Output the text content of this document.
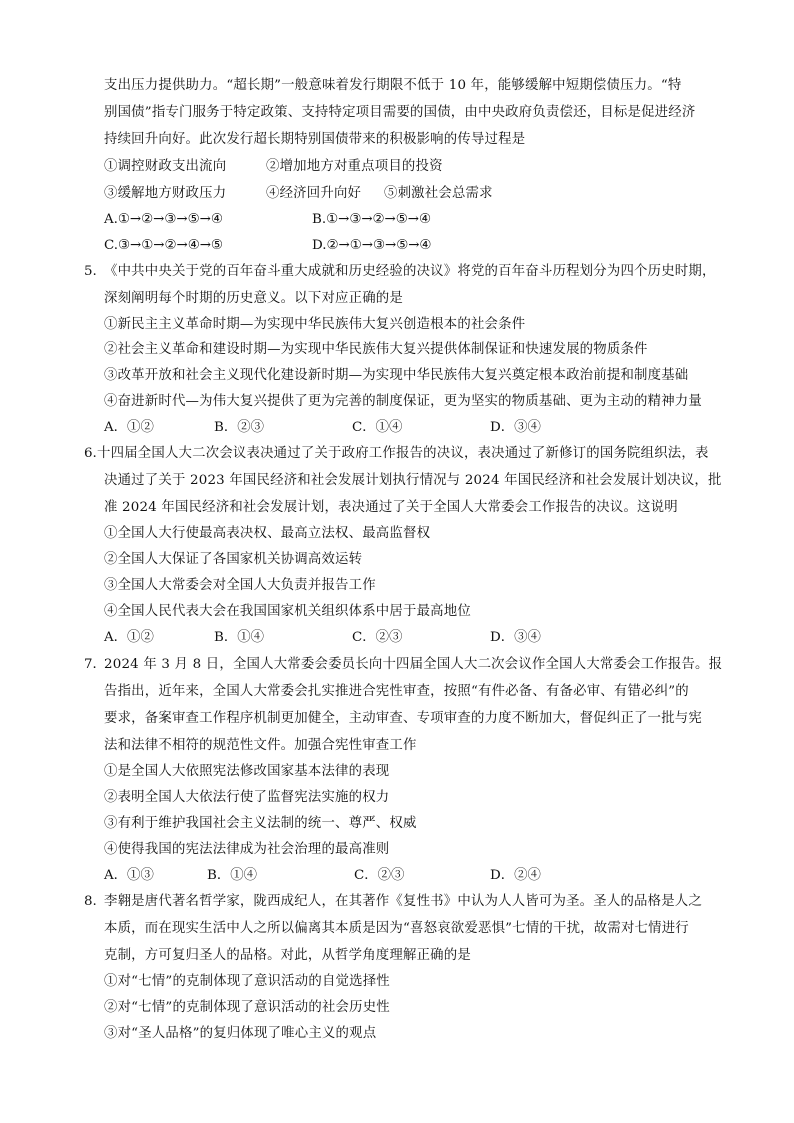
支出压力提供助力。“超长期”一般意味着发行期限不低于 10 年，能够缓解中短期偿债压力。“特
别国债”指专门服务于特定政策、支持特定项目需要的国债，由中央政府负责偿还，目标是促进经济
持续回升向好。此次发行超长期特别国债带来的积极影响的传导过程是
①调控财政支出流向	②增加地方对重点项目的投资
③缓解地方财政压力	④经济回升向好 ⑤刺激社会总需求
A.①→②→③→⑤→④	B.①→③→②→⑤→④
C.③→①→②→④→⑤	D.②→①→③→⑤→④
5. 《中共中央关于党的百年奋斗重大成就和历史经验的决议》将党的百年奋斗历程划分为四个历史时期，
深刻阐明每个时期的历史意义。以下对应正确的是
①新民主主义革命时期—为实现中华民族伟大复兴创造根本的社会条件
②社会主义革命和建设时期—为实现中华民族伟大复兴提供体制保证和快速发展的物质条件
③改革开放和社会主义现代化建设新时期—为实现中华民族伟大复兴奠定根本政治前提和制度基础
④奋进新时代—为伟大复兴提供了更为完善的制度保证，更为坚实的物质基础、更为主动的精神力量
A．①②	B．②③	C．①④	D．③④
6. 十四届全国人大二次会议表决通过了关于政府工作报告的决议，表决通过了新修订的国务院组织法，表
决通过了关于 2023 年国民经济和社会发展计划执行情况与 2024 年国民经济和社会发展计划决议，批
准 2024 年国民经济和社会发展计划，表决通过了关于全国人大常委会工作报告的决议。这说明
①全国人大行使最高表决权、最高立法权、最高监督权
②全国人大保证了各国家机关协调高效运转
③全国人大常委会对全国人大负责并报告工作
④全国人民代表大会在我国国家机关组织体系中居于最高地位
A．①②	B．①④	C．②③	D．③④
7．
2024 年 3 月 8 日，全国人大常委会委员长向十四届全国人大二次会议作全国人大常委会工作报告。报
告指出，近年来，全国人大常委会扎实推进合宪性审查，按照“有件必备、有备必审、有错必纠”的
要求，备案审查工作程序机制更加健全，主动审查、专项审查的力度不断加大，督促纠正了一批与宪
法和法律不相符的规范性文件。加强合宪性审查工作
①是全国人大依照宪法修改国家基本法律的表现
②表明全国人大依法行使了监督宪法实施的权力
③有利于维护我国社会主义法制的统一、尊严、权威
④使得我国的宪法法律成为社会治理的最高准则
A．①③	B．①④	C．②③	D．②④
8. 李翱是唐代著名哲学家，陇西成纪人，在其著作《复性书》中认为人人皆可为圣。圣人的品格是人之
本质，而在现实生活中人之所以偏离其本质是因为“喜怒哀欲爱恶惧”七情的干扰，故需对七情进行
克制，方可复归圣人的品格。对此，从哲学角度理解正确的是
①对“七情”的克制体现了意识活动的自觉选择性
②对“七情”的克制体现了意识活动的社会历史性
③对“圣人品格”的复归体现了唯心主义的观点
